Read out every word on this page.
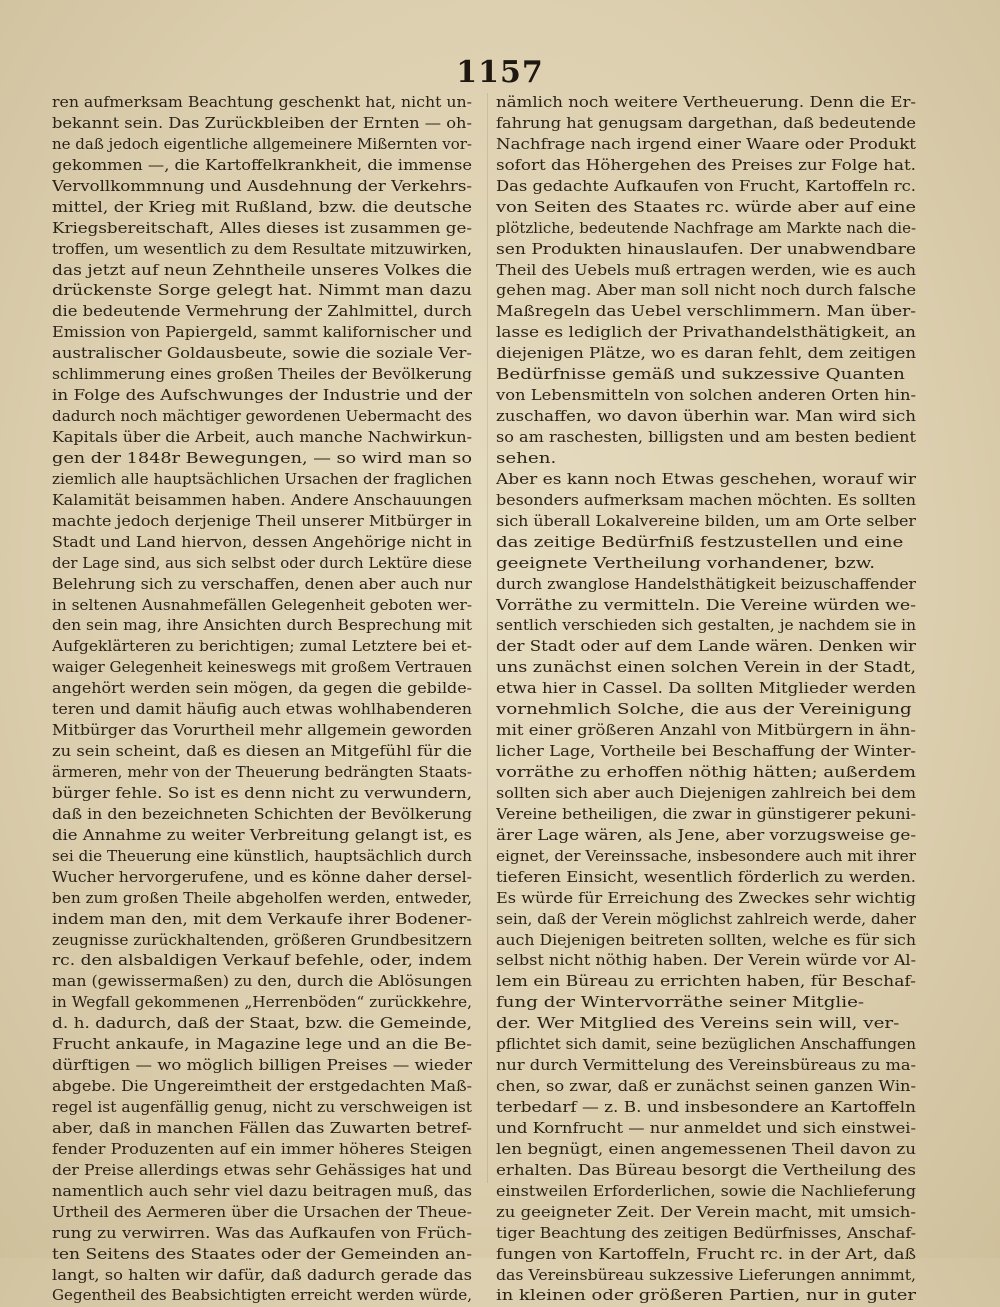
1157
ren aufmerksam Beachtung geschenkt hat, nicht un-
bekannt sein. Das Zurückbleiben der Ernten — oh-
ne daß jedoch eigentliche allgemeinere Mißernten vor-
gekommen —, die Kartoffelkrankheit, die immense
Vervollkommnung und Ausdehnung der Verkehrs-
mittel, der Krieg mit Rußland, bzw. die deutsche
Kriegsbereitschaft, Alles dieses ist zusammen ge-
troffen, um wesentlich zu dem Resultate mitzuwirken,
das jetzt auf neun Zehntheile unseres Volkes die
drückenste Sorge gelegt hat. Nimmt man dazu
die bedeutende Vermehrung der Zahlmittel, durch
Emission von Papiergeld, sammt kalifornischer und
australischer Goldausbeute, sowie die soziale Ver-
schlimmerung eines großen Theiles der Bevölkerung
in Folge des Aufschwunges der Industrie und der
dadurch noch mächtiger gewordenen Uebermacht des
Kapitals über die Arbeit, auch manche Nachwirkun-
gen der 1848r Bewegungen, — so wird man so
ziemlich alle hauptsächlichen Ursachen der fraglichen
Kalamität beisammen haben. Andere Anschauungen
machte jedoch derjenige Theil unserer Mitbürger in
Stadt und Land hiervon, dessen Angehörige nicht in
der Lage sind, aus sich selbst oder durch Lektüre diese
Belehrung sich zu verschaffen, denen aber auch nur
in seltenen Ausnahmefällen Gelegenheit geboten wer-
den sein mag, ihre Ansichten durch Besprechung mit
Aufgeklärteren zu berichtigen; zumal Letztere bei et-
waiger Gelegenheit keineswegs mit großem Vertrauen
angehört werden sein mögen, da gegen die gebilde-
teren und damit häufig auch etwas wohlhabenderen
Mitbürger das Vorurtheil mehr allgemein geworden
zu sein scheint, daß es diesen an Mitgefühl für die
ärmeren, mehr von der Theuerung bedrängten Staats-
bürger fehle. So ist es denn nicht zu verwundern,
daß in den bezeichneten Schichten der Bevölkerung
die Annahme zu weiter Verbreitung gelangt ist, es
sei die Theuerung eine künstlich, hauptsächlich durch
Wucher hervorgerufene, und es könne daher dersel-
ben zum großen Theile abgeholfen werden, entweder,
indem man den, mit dem Verkaufe ihrer Bodener-
zeugnisse zurückhaltenden, größeren Grundbesitzern
rc. den alsbaldigen Verkauf befehle, oder, indem
man (gewissermaßen) zu den, durch die Ablösungen
in Wegfall gekommenen „Herrenböden“ zurückkehre,
d. h. dadurch, daß der Staat, bzw. die Gemeinde,
Frucht ankaufe, in Magazine lege und an die Be-
dürftigen — wo möglich billigen Preises — wieder
abgebe. Die Ungereimtheit der erstgedachten Maß-
regel ist augenfällig genug, nicht zu verschweigen ist
aber, daß in manchen Fällen das Zuwarten betref-
fender Produzenten auf ein immer höheres Steigen
der Preise allerdings etwas sehr Gehässiges hat und
namentlich auch sehr viel dazu beitragen muß, das
Urtheil des Aermeren über die Ursachen der Theue-
rung zu verwirren. Was das Aufkaufen von Früch-
ten Seitens des Staates oder der Gemeinden an-
langt, so halten wir dafür, daß dadurch gerade das
Gegentheil des Beabsichtigten erreicht werden würde,
nämlich noch weitere Vertheuerung. Denn die Er-
fahrung hat genugsam dargethan, daß bedeutende
Nachfrage nach irgend einer Waare oder Produkt
sofort das Höhergehen des Preises zur Folge hat.
Das gedachte Aufkaufen von Frucht, Kartoffeln rc.
von Seiten des Staates rc. würde aber auf eine
plötzliche, bedeutende Nachfrage am Markte nach die-
sen Produkten hinauslaufen. Der unabwendbare
Theil des Uebels muß ertragen werden, wie es auch
gehen mag. Aber man soll nicht noch durch falsche
Maßregeln das Uebel verschlimmern. Man über-
lasse es lediglich der Privathandelsthätigkeit, an
diejenigen Plätze, wo es daran fehlt, dem zeitigen
Bedürfnisse gemäß und sukzessive Quanten
von Lebensmitteln von solchen anderen Orten hin-
zuschaffen, wo davon überhin war. Man wird sich
so am raschesten, billigsten und am besten bedient
sehen.
Aber es kann noch Etwas geschehen, worauf wir
besonders aufmerksam machen möchten. Es sollten
sich überall Lokalvereine bilden, um am Orte selber
das zeitige Bedürfniß festzustellen und eine
geeignete Vertheilung vorhandener, bzw.
durch zwanglose Handelsthätigkeit beizuschaffender
Vorräthe zu vermitteln. Die Vereine würden we-
sentlich verschieden sich gestalten, je nachdem sie in
der Stadt oder auf dem Lande wären. Denken wir
uns zunächst einen solchen Verein in der Stadt,
etwa hier in Cassel. Da sollten Mitglieder werden
vornehmlich Solche, die aus der Vereinigung
mit einer größeren Anzahl von Mitbürgern in ähn-
licher Lage, Vortheile bei Beschaffung der Winter-
vorräthe zu erhoffen nöthig hätten; außerdem
sollten sich aber auch Diejenigen zahlreich bei dem
Vereine betheiligen, die zwar in günstigerer pekuni-
ärer Lage wären, als Jene, aber vorzugsweise ge-
eignet, der Vereinssache, insbesondere auch mit ihrer
tieferen Einsicht, wesentlich förderlich zu werden.
Es würde für Erreichung des Zweckes sehr wichtig
sein, daß der Verein möglichst zahlreich werde, daher
auch Diejenigen beitreten sollten, welche es für sich
selbst nicht nöthig haben. Der Verein würde vor Al-
lem ein Büreau zu errichten haben, für Beschaf-
fung der Wintervorräthe seiner Mitglie-
der. Wer Mitglied des Vereins sein will, ver-
pflichtet sich damit, seine bezüglichen Anschaffungen
nur durch Vermittelung des Vereinsbüreaus zu ma-
chen, so zwar, daß er zunächst seinen ganzen Win-
terbedarf — z. B. und insbesondere an Kartoffeln
und Kornfrucht — nur anmeldet und sich einstwei-
len begnügt, einen angemessenen Theil davon zu
erhalten. Das Büreau besorgt die Vertheilung des
einstweilen Erforderlichen, sowie die Nachlieferung
zu geeigneter Zeit. Der Verein macht, mit umsich-
tiger Beachtung des zeitigen Bedürfnisses, Anschaf-
fungen von Kartoffeln, Frucht rc. in der Art, daß
das Vereinsbüreau sukzessive Lieferungen annimmt,
in kleinen oder größeren Partien, nur in guter
